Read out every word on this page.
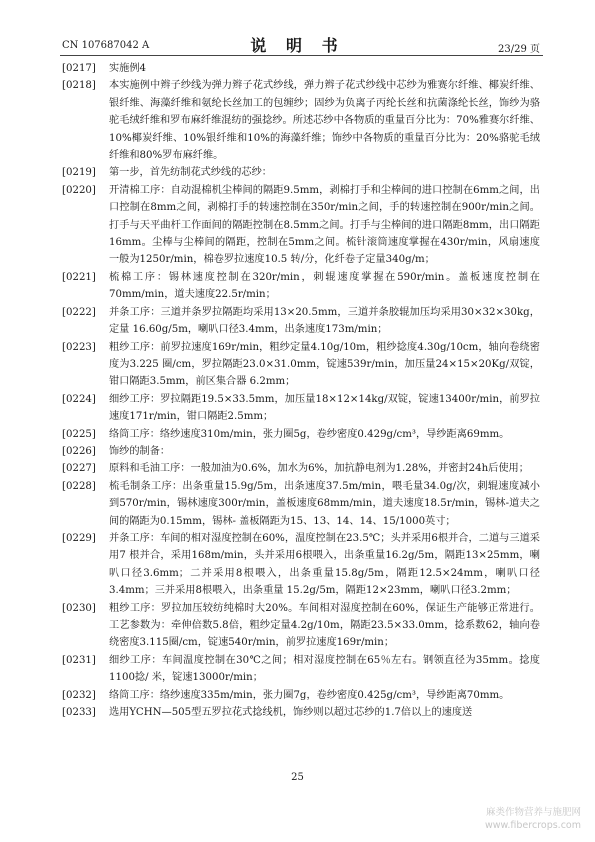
CN 107687042 A	说 明 书	23/29 页
[0217]	实施例4
[0218]	本实施例中辫子纱线为弹力辫子花式纱线，弹力辫子花式纱线中芯纱为雅赛尔纤维、椰炭纤维、银纤维、海藻纤维和氨纶长丝加工的包缠纱；固纱为负离子丙纶长丝和抗菌涤纶长丝，饰纱为骆驼毛绒纤维和罗布麻纤维混纺的强捻纱。所述芯纱中各物质的重量百分比为：70%雅赛尔纤维、10%椰炭纤维、10%银纤维和10%的海藻纤维；饰纱中各物质的重量百分比为：20%骆驼毛绒纤维和80%罗布麻纤维。
[0219]	第一步，首先纺制花式纱线的芯纱：
[0220]	开清棉工序：自动混棉机尘棒间的隔距9.5mm，剥棉打手和尘棒间的进口控制在6mm之间，出口控制在8mm之间，剥棉打手的转速控制在350r/min之间，手的转速控制在900r/min之间。打手与天平曲杆工作面间的隔距控制在8.5mm之间。打手与尘棒间的进口隔距8mm，出口隔距16mm。尘棒与尘棒间的隔距，控制在5mm之间。梳针滚筒速度掌握在430r/min，风扇速度一般为1250r/min，棉卷罗拉速度10.5 转/分，化纤卷子定量340g/m；
[0221]	梳棉工序：锡林速度控制在320r/min，刺辊速度掌握在590r/min。盖板速度控制在70mm/min，道夫速度22.5r/min；
[0222]	并条工序：三道并条罗拉隔距均采用13×20.5mm，三道并条胶辊加压均采用30×32×30kg，定量 16.60g/5m，喇叭口径3.4mm，出条速度173m/min；
[0223]	粗纱工序：前罗拉速度169r/min，粗纱定量4.10g/10m，粗纱捻度4.30g/10cm，轴向卷绕密度为3.225 圈/cm，罗拉隔距23.0×31.0mm，锭速539r/min，加压量24×15×20Kg/双锭，钳口隔距3.5mm，前区集合器 6.2mm；
[0224]	细纱工序：罗拉隔距19.5×33.5mm，加压量18×12×14kg/双锭，锭速13400r/min，前罗拉速度171r/min，钳口隔距2.5mm；
[0225]	络筒工序：络纱速度310m/min，张力圈5g，卷纱密度0.429g/cm³，导纱距离69mm。
[0226]	饰纱的制备：
[0227]	原料和毛油工序：一般加油为0.6%，加水为6%，加抗静电剂为1.28%，并密封24h后使用；
[0228]	梳毛制条工序：出条重量15.9g/5m，出条速度37.5m/min，喂毛量34.0g/次，刺辊速度减小到570r/min，锡林速度300r/min，盖板速度68mm/min，道夫速度18.5r/min，锡林-道夫之间的隔距为0.15mm，锡林- 盖板隔距为15、13、14、14、15/1000英寸；
[0229]	并条工序：车间的相对湿度控制在60%，温度控制在23.5℃；头并采用6根并合，二道与三道采用7 根并合，采用168m/min，头并采用6根喂入，出条重量16.2g/5m，隔距13×25mm，喇叭口径3.6mm；二并采用8根喂入，出条重量15.8g/5m，隔距12.5×24mm，喇叭口径3.4mm；三并采用8根喂入，出条重量 15.2g/5m，隔距12×23mm，喇叭口径3.2mm；
[0230]	粗纱工序：罗拉加压较纺纯棉时大20%。车间相对湿度控制在60%，保证生产能够正常进行。工艺参数为：牵伸倍数5.8倍，粗纱定量4.2g/10m，隔距23.5×33.0mm，捻系数62，轴向卷绕密度3.115圈/cm，锭速540r/min，前罗拉速度169r/min；
[0231]	细纱工序：车间温度控制在30℃之间；相对湿度控制在65％左右。钢领直径为35mm。捻度1100捻/ 米，锭速13000r/min；
[0232]	络筒工序：络纱速度335m/min，张力圈7g，卷纱密度0.425g/cm³，导纱距离70mm。
[0233]	选用YCHN—505型五罗拉花式捻线机，饰纱则以超过芯纱的1.7倍以上的速度送
25
麻类作物营养与施肥网
www.fibercrops.com
